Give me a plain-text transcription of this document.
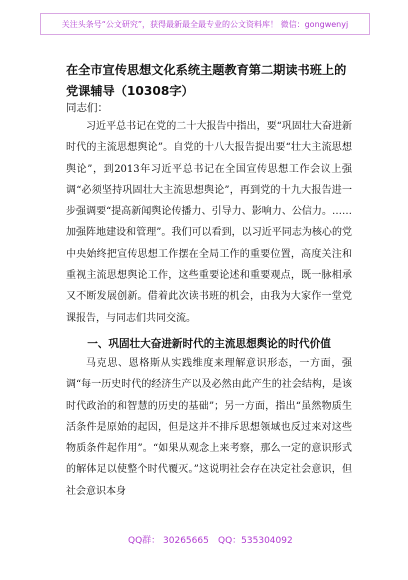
关注头条号“公文研究”，获得最新最全最专业的公文资料库！ 微信：gongwenyj
在全市宣传思想文化系统主题教育第二期读书班上的党课辅导（10308字）
同志们：

习近平总书记在党的二十大报告中指出，要“巩固壮大奋进新时代的主流思想舆论”。自党的十八大报告提出要“壮大主流思想舆论”，到2013年习近平总书记在全国宣传思想工作会议上强调“必须坚持巩固壮大主流思想舆论”，再到党的十九大报告进一步强调要“提高新闻舆论传播力、引导力、影响力、公信力。……加强阵地建设和管理”。我们可以看到，以习近平同志为核心的党中央始终把宣传思想工作摆在全局工作的重要位置，高度关注和重视主流思想舆论工作，这些重要论述和重要观点，既一脉相承又不断发展创新。借着此次读书班的机会，由我为大家作一堂党课报告，与同志们共同交流。

一、巩固壮大奋进新时代的主流思想舆论的时代价值

马克思、恩格斯从实践维度来理解意识形态，一方面，强调“每一历史时代的经济生产以及必然由此产生的社会结构，是该时代政治的和智慧的历史的基础”；另一方面，指出“虽然物质生活条件是原始的起因，但是这并不排斥思想领域也反过来对这些物质条件起作用”。“如果从观念上来考察，那么一定的意识形式的解体足以使整个时代覆灭。”这说明社会存在决定社会意识，但社会意识本身

QQ群： 30265665 QQ：535304092
